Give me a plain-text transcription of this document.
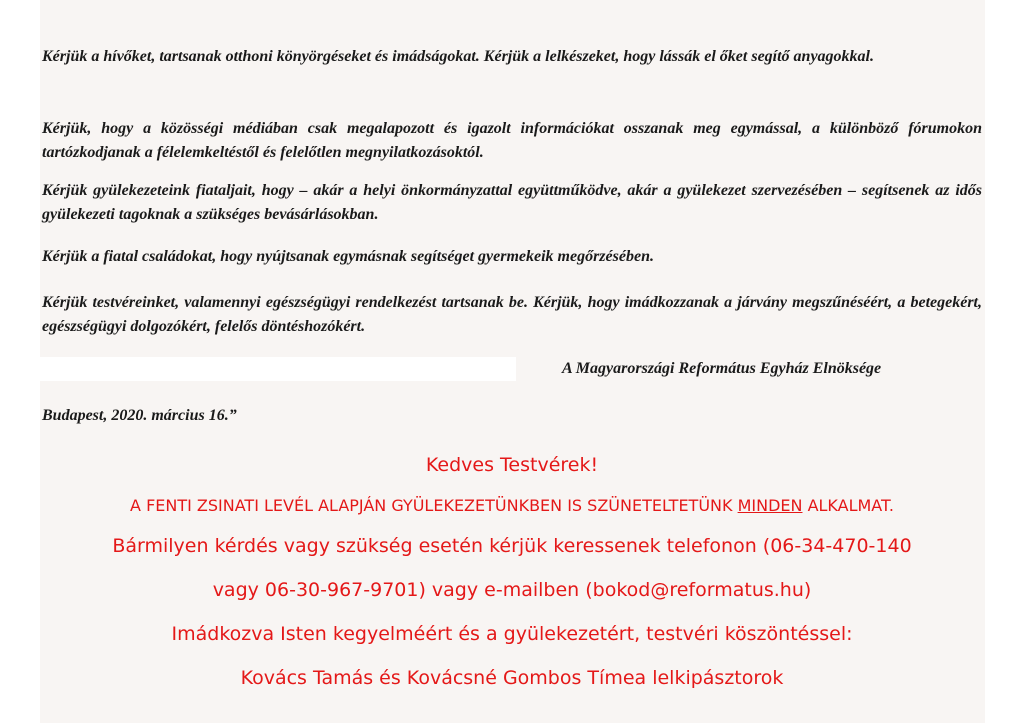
Kérjük a hívőket, tartsanak otthoni könyörgéseket és imádságokat. Kérjük a lelkészeket, hogy lássák el őket segítő anyagokkal.

Kérjük, hogy a közösségi médiában csak megalapozott és igazolt információkat osszanak meg egymással, a különböző fórumokon tartózkodjanak a félelemkeltéstől és felelőtlen megnyilatkozásoktól.

Kérjük gyülekezeteink fiataljait, hogy – akár a helyi önkormányzattal együttműködve, akár a gyülekezet szervezésében – segítsenek az idős gyülekezeti tagoknak a szükséges bevásárlásokban.

Kérjük a fiatal családokat, hogy nyújtsanak egymásnak segítséget gyermekeik megőrzésében.

Kérjük testvéreinket, valamennyi egészségügyi rendelkezést tartsanak be. Kérjük, hogy imádkozzanak a járvány megszűnéséért, a betegekért, egészségügyi dolgozókért, felelős döntéshozókért.

A Magyarországi Református Egyház Elnöksége

Budapest, 2020. március 16.”

Kedves Testvérek!
A FENTI ZSINATI LEVÉL ALAPJÁN GYÜLEKEZETÜNKBEN IS SZÜNETELTETÜNK MINDEN ALKALMAT.
Bármilyen kérdés vagy szükség esetén kérjük keressenek telefonon (06-34-470-140
vagy 06-30-967-9701) vagy e-mailben (bokod@reformatus.hu)
Imádkozva Isten kegyelméért és a gyülekezetért, testvéri köszöntéssel:
Kovács Tamás és Kovácsné Gombos Tímea lelkipásztorok
